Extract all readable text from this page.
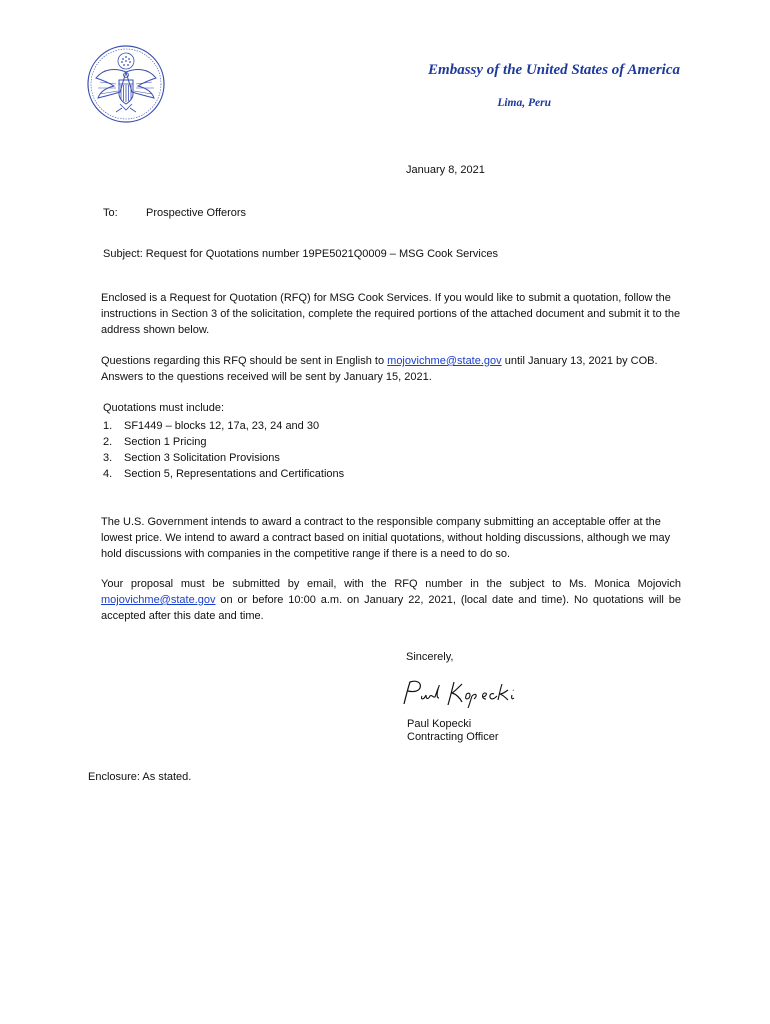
Embassy of the United States of America
Lima, Peru
January 8, 2021
To:	Prospective Offerors
Subject: Request for Quotations number 19PE5021Q0009 – MSG Cook Services
Enclosed is a Request for Quotation (RFQ) for MSG Cook Services. If you would like to submit a quotation, follow the instructions in Section 3 of the solicitation, complete the required portions of the attached document and submit it to the address shown below.
Questions regarding this RFQ should be sent in English to mojovichme@state.gov until January 13, 2021 by COB. Answers to the questions received will be sent by January 15, 2021.
Quotations must include:
1. SF1449 – blocks 12, 17a, 23, 24 and 30
2. Section 1 Pricing
3. Section 3 Solicitation Provisions
4. Section 5, Representations and Certifications
The U.S. Government intends to award a contract to the responsible company submitting an acceptable offer at the lowest price. We intend to award a contract based on initial quotations, without holding discussions, although we may hold discussions with companies in the competitive range if there is a need to do so.
Your proposal must be submitted by email, with the RFQ number in the subject to Ms. Monica Mojovich mojovichme@state.gov on or before 10:00 a.m. on January 22, 2021, (local date and time). No quotations will be accepted after this date and time.
Sincerely,
Paul Kopecki
Contracting Officer
Enclosure: As stated.
